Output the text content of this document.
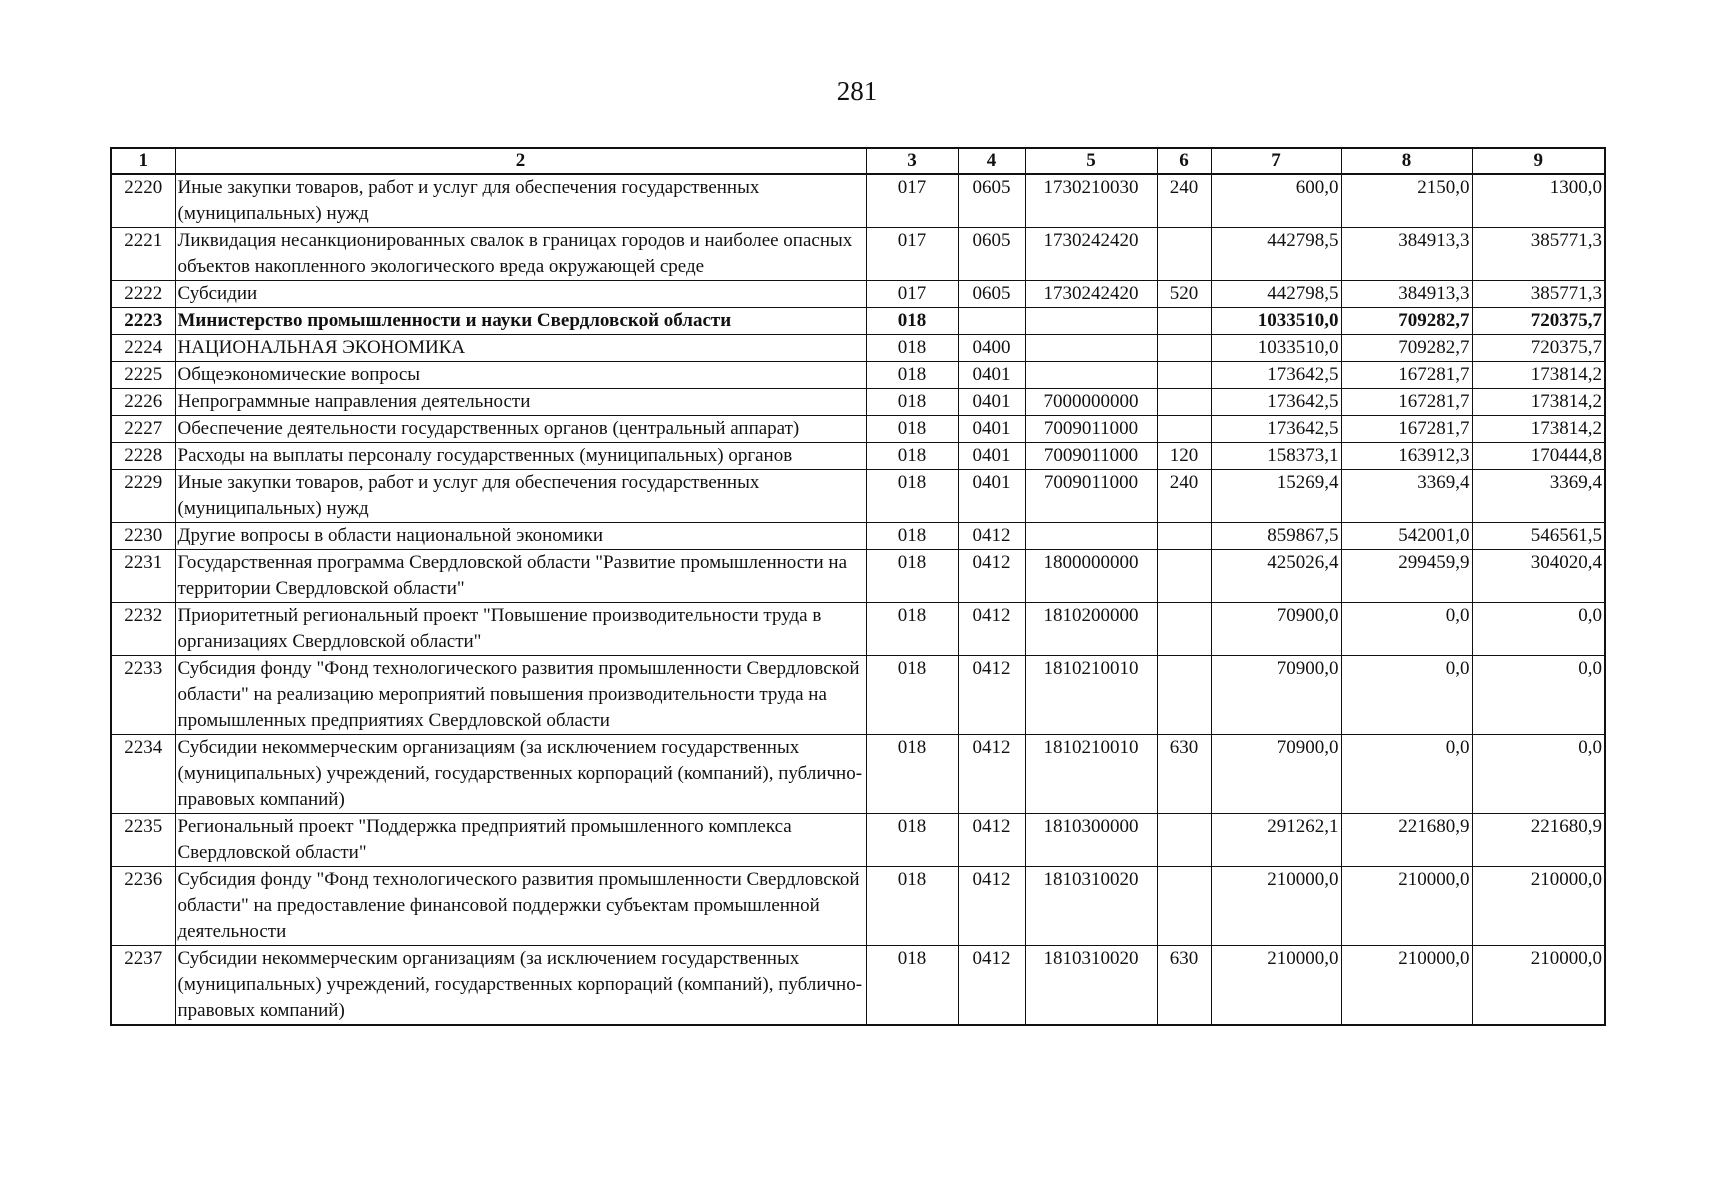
281
1	2	3	4	5	6	7	8	9
2220	Иные закупки товаров, работ и услуг для обеспечения государственных (муниципальных) нужд	017	0605	1730210030	240	600,0	2150,0	1300,0
2221	Ликвидация несанкционированных свалок в границах городов и наиболее опасных объектов накопленного экологического вреда окружающей среде	017	0605	1730242420		442798,5	384913,3	385771,3
2222	Субсидии	017	0605	1730242420	520	442798,5	384913,3	385771,3
2223	Министерство промышленности и науки Свердловской области	018				1033510,0	709282,7	720375,7
2224	НАЦИОНАЛЬНАЯ ЭКОНОМИКА	018	0400			1033510,0	709282,7	720375,7
2225	Общеэкономические вопросы	018	0401			173642,5	167281,7	173814,2
2226	Непрограммные направления деятельности	018	0401	7000000000		173642,5	167281,7	173814,2
2227	Обеспечение деятельности государственных органов (центральный аппарат)	018	0401	7009011000		173642,5	167281,7	173814,2
2228	Расходы на выплаты персоналу государственных (муниципальных) органов	018	0401	7009011000	120	158373,1	163912,3	170444,8
2229	Иные закупки товаров, работ и услуг для обеспечения государственных (муниципальных) нужд	018	0401	7009011000	240	15269,4	3369,4	3369,4
2230	Другие вопросы в области национальной экономики	018	0412			859867,5	542001,0	546561,5
2231	Государственная программа Свердловской области "Развитие промышленности на территории Свердловской области"	018	0412	1800000000		425026,4	299459,9	304020,4
2232	Приоритетный региональный проект "Повышение производительности труда в организациях Свердловской области"	018	0412	1810200000		70900,0	0,0	0,0
2233	Субсидия фонду "Фонд технологического развития промышленности Свердловской области" на реализацию мероприятий повышения производительности труда на промышленных предприятиях Свердловской области	018	0412	1810210010		70900,0	0,0	0,0
2234	Субсидии некоммерческим организациям (за исключением государственных (муниципальных) учреждений, государственных корпораций (компаний), публично-правовых компаний)	018	0412	1810210010	630	70900,0	0,0	0,0
2235	Региональный проект "Поддержка предприятий промышленного комплекса Свердловской области"	018	0412	1810300000		291262,1	221680,9	221680,9
2236	Субсидия фонду "Фонд технологического развития промышленности Свердловской области" на предоставление финансовой поддержки субъектам промышленной деятельности	018	0412	1810310020		210000,0	210000,0	210000,0
2237	Субсидии некоммерческим организациям (за исключением государственных (муниципальных) учреждений, государственных корпораций (компаний), публично-правовых компаний)	018	0412	1810310020	630	210000,0	210000,0	210000,0
